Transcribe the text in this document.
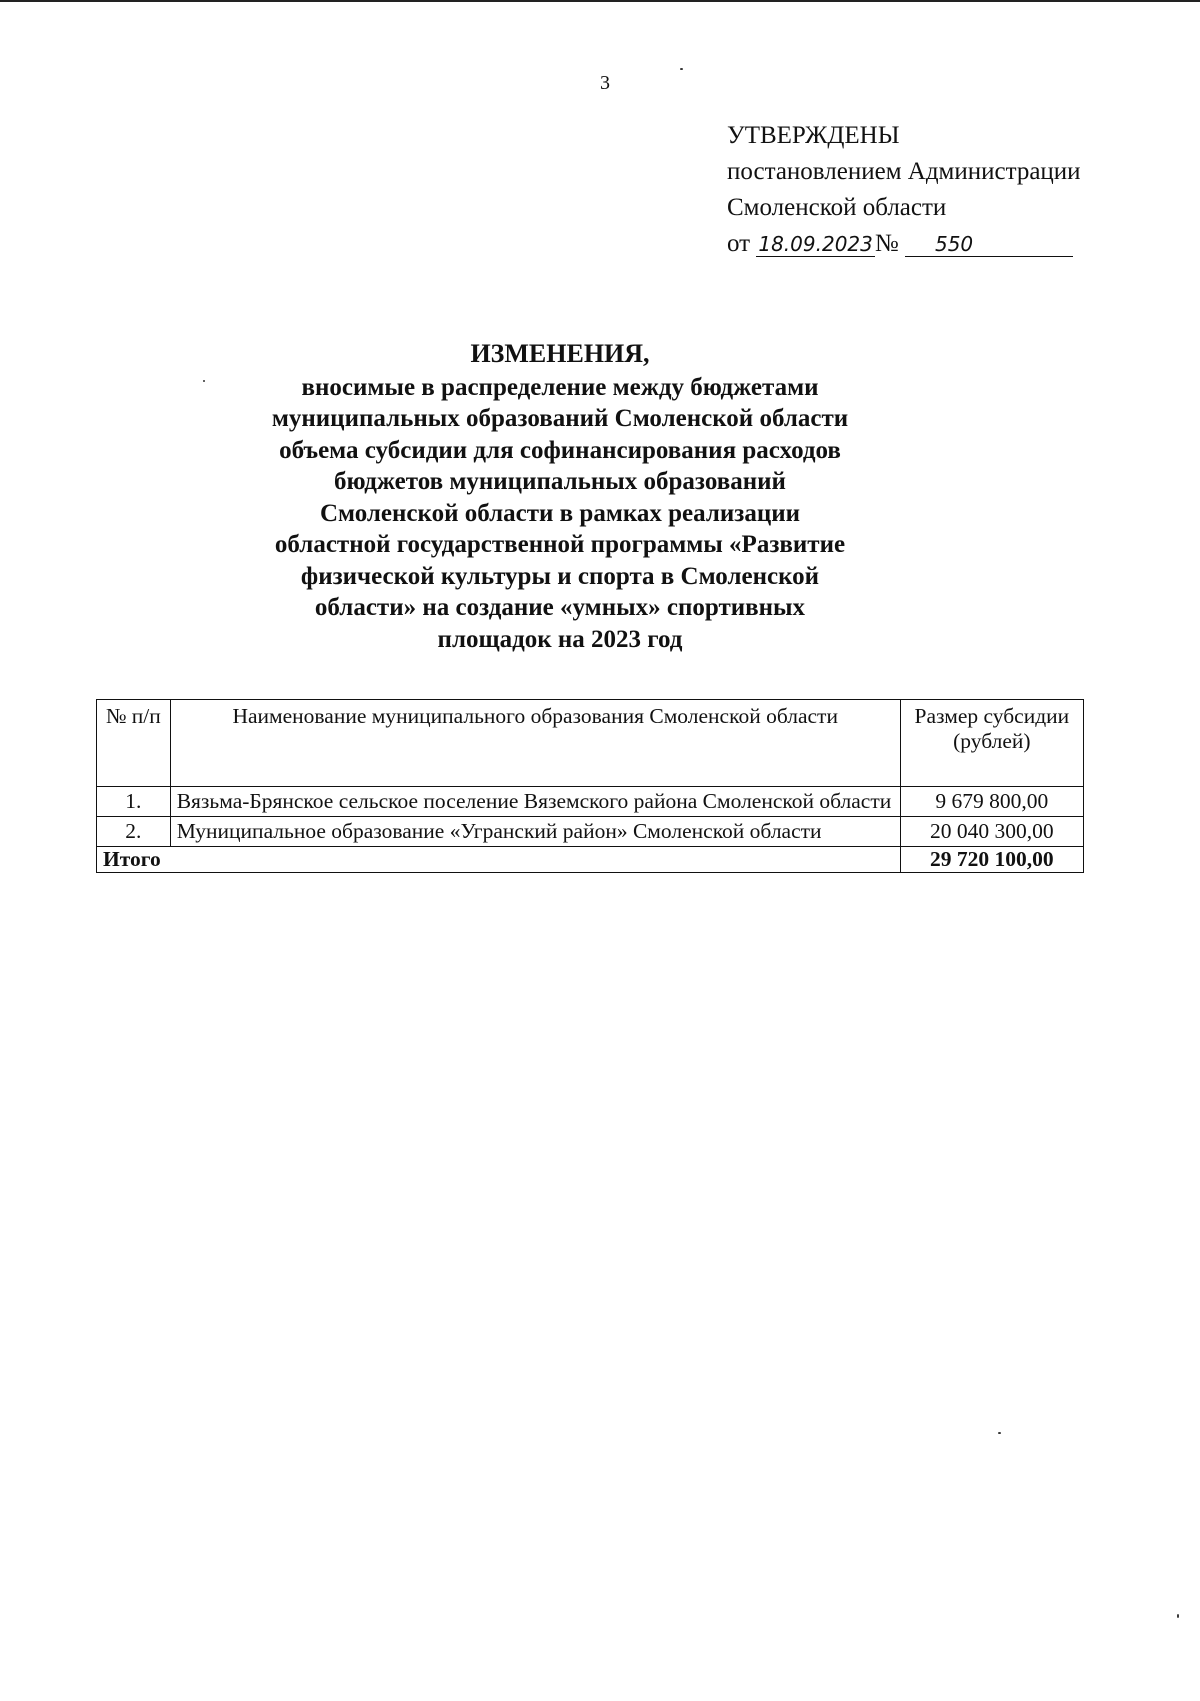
3
УТВЕРЖДЕНЫ
постановлением Администрации
Смоленской области
от 18.09.2023№ 550
ИЗМЕНЕНИЯ,
вносимые в распределение между бюджетами
муниципальных образований Смоленской области
объема субсидии для софинансирования расходов
бюджетов муниципальных образований
Смоленской области в рамках реализации
областной государственной программы «Развитие
физической культуры и спорта в Смоленской
области» на создание «умных» спортивных
площадок на 2023 год
№ п/п	Наименование муниципального образования Смоленской области	Размер субсидии (рублей)
1.	Вязьма-Брянское сельское поселение Вяземского района Смоленской области	9 679 800,00
2.	Муниципальное образование «Угранский район» Смоленской области	20 040 300,00
Итого		29 720 100,00
